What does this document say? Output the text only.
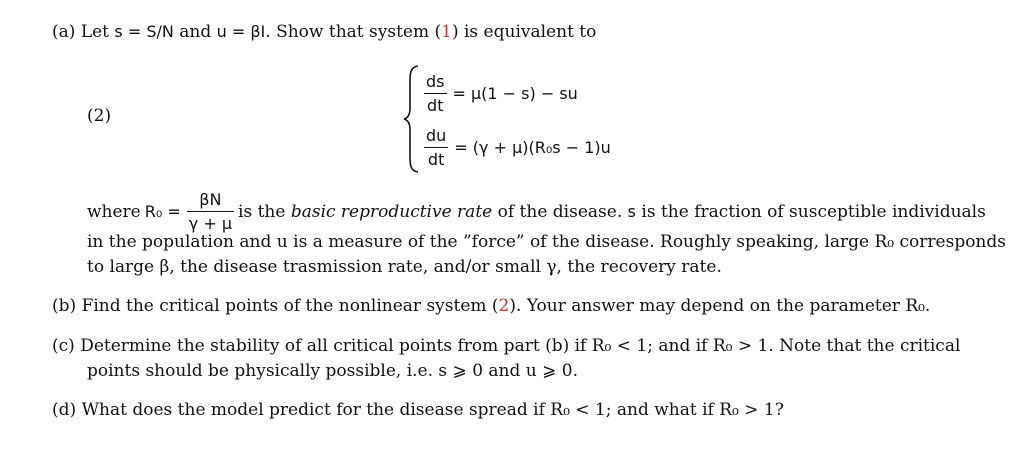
(a) Let s = S/N and u = βI. Show that system (1) is equivalent to
(2)
$\frac{ds}{dt} = \mu(1 - s)$ − su
$\frac{du}{dt} = (\gamma + \mu)(R_0s - 1)u$
where $R_0 = \frac{\beta N}{\gamma + \mu}$ is the basic reproductive rate of the disease. s is the fraction of susceptible individuals
in the population and u is a measure of the ”force” of the disease. Roughly speaking, large R₀ corresponds
to large β, the disease trasmission rate, and/or small γ, the recovery rate.
(b) Find the critical points of the nonlinear system (2). Your answer may depend on the parameter R₀.
(c) Determine the stability of all critical points from part (b) if R₀ < 1; and if R₀ > 1. Note that the critical
points should be physically possible, i.e. s ⩾ 0 and u ⩾ 0.
(d) What does the model predict for the disease spread if R₀ < 1; and what if R₀ > 1?
